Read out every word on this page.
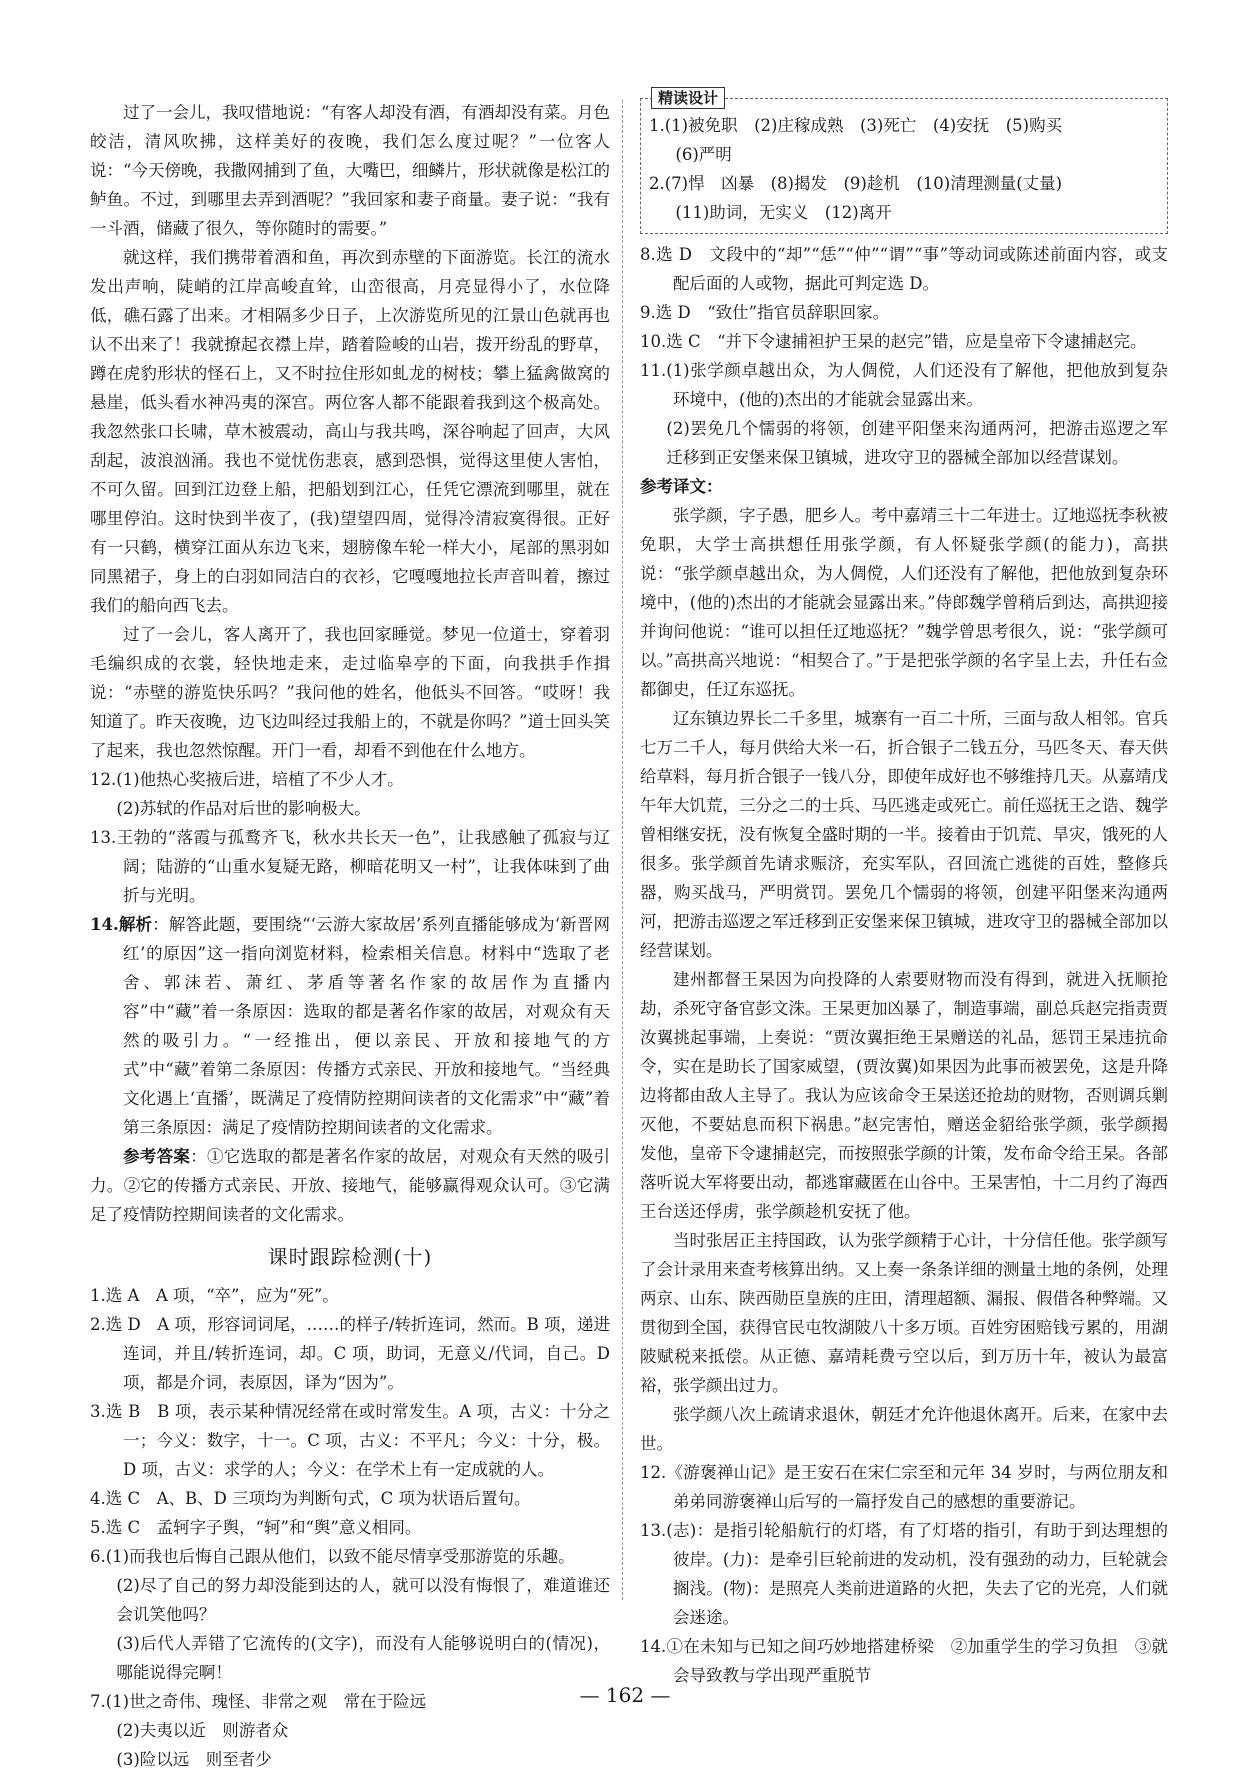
过了一会儿，我叹惜地说：“有客人却没有酒，有酒却没有菜。月色皎洁，清风吹拂，这样美好的夜晚，我们怎么度过呢？”一位客人说：“今天傍晚，我撒网捕到了鱼，大嘴巴，细鳞片，形状就像是松江的鲈鱼。不过，到哪里去弄到酒呢？”我回家和妻子商量。妻子说：“我有一斗酒，储藏了很久，等你随时的需要。”

就这样，我们携带着酒和鱼，再次到赤壁的下面游览。长江的流水发出声响，陡峭的江岸高峻直耸，山峦很高，月亮显得小了，水位降低，礁石露了出来。才相隔多少日子，上次游览所见的江景山色就再也认不出来了！我就撩起衣襟上岸，踏着险峻的山岩，拨开纷乱的野草，蹲在虎豹形状的怪石上，又不时拉住形如虬龙的树枝；攀上猛禽做窝的悬崖，低头看水神冯夷的深宫。两位客人都不能跟着我到这个极高处。我忽然张口长啸，草木被震动，高山与我共鸣，深谷响起了回声，大风刮起，波浪汹涌。我也不觉忧伤悲哀，感到恐惧，觉得这里使人害怕，不可久留。回到江边登上船，把船划到江心，任凭它漂流到哪里，就在哪里停泊。这时快到半夜了，(我)望望四周，觉得冷清寂寞得很。正好有一只鹤，横穿江面从东边飞来，翅膀像车轮一样大小，尾部的黑羽如同黑裙子，身上的白羽如同洁白的衣衫，它嘎嘎地拉长声音叫着，擦过我们的船向西飞去。

过了一会儿，客人离开了，我也回家睡觉。梦见一位道士，穿着羽毛编织成的衣裳，轻快地走来，走过临皋亭的下面，向我拱手作揖说：“赤壁的游览快乐吗？”我问他的姓名，他低头不回答。“哎呀！我知道了。昨天夜晚，边飞边叫经过我船上的，不就是你吗？”道士回头笑了起来，我也忽然惊醒。开门一看，却看不到他在什么地方。

12.(1)他热心奖掖后进，培植了不少人才。

(2)苏轼的作品对后世的影响极大。

13.王勃的“落霞与孤鹜齐飞，秋水共长天一色”，让我感触了孤寂与辽阔；陆游的“山重水复疑无路，柳暗花明又一村”，让我体味到了曲折与光明。

14.解析：解答此题，要围绕“‘云游大家故居’系列直播能够成为‘新晋网红’的原因”这一指向浏览材料，检索相关信息。材料中“选取了老舍、郭沫若、萧红、茅盾等著名作家的故居作为直播内容”中“藏”着一条原因：选取的都是著名作家的故居，对观众有天然的吸引力。“一经推出，便以亲民、开放和接地气的方式”中“藏”着第二条原因：传播方式亲民、开放和接地气。“当经典文化遇上‘直播’，既满足了疫情防控期间读者的文化需求”中“藏”着第三条原因：满足了疫情防控期间读者的文化需求。

参考答案：①它选取的都是著名作家的故居，对观众有天然的吸引力。②它的传播方式亲民、开放、接地气，能够赢得观众认可。③它满足了疫情防控期间读者的文化需求。

课时跟踪检测(十)

1.选 A　A 项，“卒”，应为“死”。

2.选 D　A 项，形容词词尾，……的样子/转折连词，然而。B 项，递进连词，并且/转折连词，却。C 项，助词，无意义/代词，自己。D 项，都是介词，表原因，译为“因为”。

3.选 B　B 项，表示某种情况经常在或时常发生。A 项，古义：十分之一；今义：数字，十一。C 项，古义：不平凡；今义：十分，极。D 项，古义：求学的人；今义：在学术上有一定成就的人。

4.选 C　A、B、D 三项均为判断句式，C 项为状语后置句。

5.选 C　孟轲字子舆，“轲”和“舆”意义相同。

6.(1)而我也后悔自己跟从他们，以致不能尽情享受那游览的乐趣。

(2)尽了自己的努力却没能到达的人，就可以没有悔恨了，难道谁还会讥笑他吗？

(3)后代人弄错了它流传的(文字)，而没有人能够说明白的(情况)，哪能说得完啊！

7.(1)世之奇伟、瑰怪、非常之观　常在于险远

(2)夫夷以近　则游者众

(3)险以远　则至者少

精读设计

1.(1)被免职　(2)庄稼成熟　(3)死亡　(4)安抚　(5)购买

(6)严明

2.(7)悍　凶暴　(8)揭发　(9)趁机　(10)清理测量(丈量)

(11)助词，无实义　(12)离开

8.选 D　文段中的“却”“恁”“仲”“谓”“事”等动词或陈述前面内容，或支配后面的人或物，据此可判定选 D。

9.选 D　“致仕”指官员辞职回家。

10.选 C　“并下令逮捕袒护王杲的赵完”错，应是皇帝下令逮捕赵完。

11.(1)张学颜卓越出众，为人倜傥，人们还没有了解他，把他放到复杂环境中，(他的)杰出的才能就会显露出来。

(2)罢免几个懦弱的将领，创建平阳堡来沟通两河，把游击巡逻之军迁移到正安堡来保卫镇城，进攻守卫的器械全部加以经营谋划。

参考译文：

张学颜，字子愚，肥乡人。考中嘉靖三十二年进士。辽地巡抚李秋被免职，大学士高拱想任用张学颜，有人怀疑张学颜(的能力)，高拱说：“张学颜卓越出众，为人倜傥，人们还没有了解他，把他放到复杂环境中，(他的)杰出的才能就会显露出来。”侍郎魏学曾稍后到达，高拱迎接并询问他说：“谁可以担任辽地巡抚？”魏学曾思考很久，说：“张学颜可以。”高拱高兴地说：“相契合了。”于是把张学颜的名字呈上去，升任右佥都御史，任辽东巡抚。

辽东镇边界长二千多里，城寨有一百二十所，三面与敌人相邻。官兵七万二千人，每月供给大米一石，折合银子二钱五分，马匹冬天、春天供给草料，每月折合银子一钱八分，即使年成好也不够维持几天。从嘉靖戊午年大饥荒，三分之二的士兵、马匹逃走或死亡。前任巡抚王之诰、魏学曾相继安抚，没有恢复全盛时期的一半。接着由于饥荒、旱灾，饿死的人很多。张学颜首先请求赈济，充实军队，召回流亡逃徙的百姓，整修兵器，购买战马，严明赏罚。罢免几个懦弱的将领，创建平阳堡来沟通两河，把游击巡逻之军迁移到正安堡来保卫镇城，进攻守卫的器械全部加以经营谋划。

建州都督王杲因为向投降的人索要财物而没有得到，就进入抚顺抢劫，杀死守备官彭文洙。王杲更加凶暴了，制造事端，副总兵赵完指责贾汝翼挑起事端，上奏说：“贾汝翼拒绝王杲赠送的礼品，惩罚王杲违抗命令，实在是助长了国家威望，(贾汝翼)如果因为此事而被罢免，这是升降边将都由敌人主导了。我认为应该命令王杲送还抢劫的财物，否则调兵剿灭他，不要姑息而积下祸患。”赵完害怕，赠送金貂给张学颜，张学颜揭发他，皇帝下令逮捕赵完，而按照张学颜的计策，发布命令给王杲。各部落听说大军将要出动，都逃窜藏匿在山谷中。王杲害怕，十二月约了海西王台送还俘虏，张学颜趁机安抚了他。

当时张居正主持国政，认为张学颜精于心计，十分信任他。张学颜写了会计录用来查考核算出纳。又上奏一条条详细的测量土地的条例，处理两京、山东、陕西勋臣皇族的庄田，清理超额、漏报、假借各种弊端。又贯彻到全国，获得官民屯牧湖陂八十多万顷。百姓穷困赔钱亏累的，用湖陂赋税来抵偿。从正德、嘉靖耗费亏空以后，到万历十年，被认为最富裕，张学颜出过力。

张学颜八次上疏请求退休，朝廷才允许他退休离开。后来，在家中去世。

12.《游褒禅山记》是王安石在宋仁宗至和元年 34 岁时，与两位朋友和弟弟同游褒禅山后写的一篇抒发自己的感想的重要游记。

13.(志)：是指引轮船航行的灯塔，有了灯塔的指引，有助于到达理想的彼岸。(力)：是牵引巨轮前进的发动机，没有强劲的动力，巨轮就会搁浅。(物)：是照亮人类前进道路的火把，失去了它的光亮，人们就会迷途。

14.①在未知与已知之间巧妙地搭建桥梁　②加重学生的学习负担　③就会导致教与学出现严重脱节

— 162 —
